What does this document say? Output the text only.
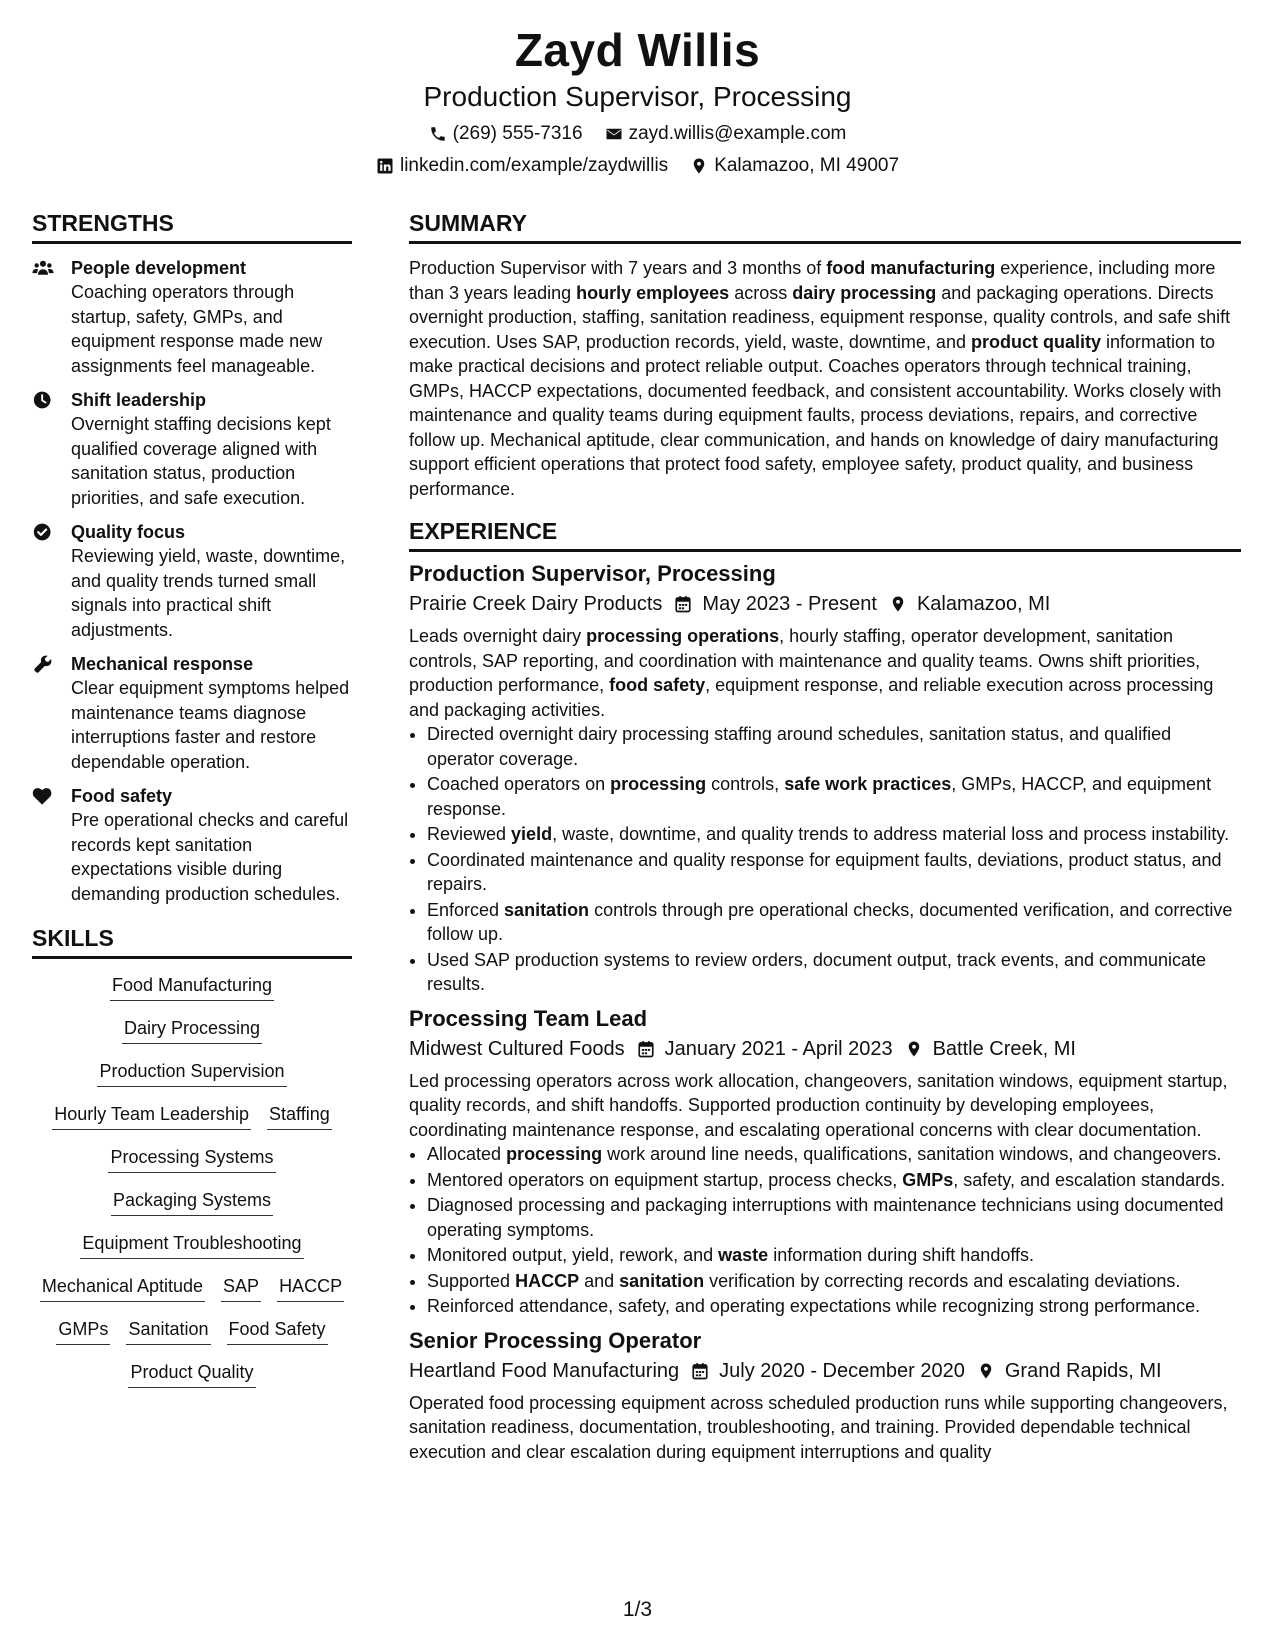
Zayd Willis
Production Supervisor, Processing
(269) 555-7316 zayd.willis@example.com
linkedin.com/example/zaydwillis Kalamazoo, MI 49007
STRENGTHS
People development
Coaching operators through startup, safety, GMPs, and equipment response made new assignments feel manageable.
Shift leadership
Overnight staffing decisions kept qualified coverage aligned with sanitation status, production priorities, and safe execution.
Quality focus
Reviewing yield, waste, downtime, and quality trends turned small signals into practical shift adjustments.
Mechanical response
Clear equipment symptoms helped maintenance teams diagnose interruptions faster and restore dependable operation.
Food safety
Pre operational checks and careful records kept sanitation expectations visible during demanding production schedules.
SKILLS
Food Manufacturing
Dairy Processing
Production Supervision
Hourly Team Leadership Staffing
Processing Systems
Packaging Systems
Equipment Troubleshooting
Mechanical Aptitude SAP HACCP
GMPs Sanitation Food Safety
Product Quality
SUMMARY
Production Supervisor with 7 years and 3 months of food manufacturing experience, including more than 3 years leading hourly employees across dairy processing and packaging operations. Directs overnight production, staffing, sanitation readiness, equipment response, quality controls, and safe shift execution. Uses SAP, production records, yield, waste, downtime, and product quality information to make practical decisions and protect reliable output. Coaches operators through technical training, GMPs, HACCP expectations, documented feedback, and consistent accountability. Works closely with maintenance and quality teams during equipment faults, process deviations, repairs, and corrective follow up. Mechanical aptitude, clear communication, and hands on knowledge of dairy manufacturing support efficient operations that protect food safety, employee safety, product quality, and business performance.
EXPERIENCE
Production Supervisor, Processing
Prairie Creek Dairy Products May 2023 - Present Kalamazoo, MI
Leads overnight dairy processing operations, hourly staffing, operator development, sanitation controls, SAP reporting, and coordination with maintenance and quality teams. Owns shift priorities, production performance, food safety, equipment response, and reliable execution across processing and packaging activities.
• Directed overnight dairy processing staffing around schedules, sanitation status, and qualified operator coverage.
• Coached operators on processing controls, safe work practices, GMPs, HACCP, and equipment response.
• Reviewed yield, waste, downtime, and quality trends to address material loss and process instability.
• Coordinated maintenance and quality response for equipment faults, deviations, product status, and repairs.
• Enforced sanitation controls through pre operational checks, documented verification, and corrective follow up.
• Used SAP production systems to review orders, document output, track events, and communicate results.
Processing Team Lead
Midwest Cultured Foods January 2021 - April 2023 Battle Creek, MI
Led processing operators across work allocation, changeovers, sanitation windows, equipment startup, quality records, and shift handoffs. Supported production continuity by developing employees, coordinating maintenance response, and escalating operational concerns with clear documentation.
• Allocated processing work around line needs, qualifications, sanitation windows, and changeovers.
• Mentored operators on equipment startup, process checks, GMPs, safety, and escalation standards.
• Diagnosed processing and packaging interruptions with maintenance technicians using documented operating symptoms.
• Monitored output, yield, rework, and waste information during shift handoffs.
• Supported HACCP and sanitation verification by correcting records and escalating deviations.
• Reinforced attendance, safety, and operating expectations while recognizing strong performance.
Senior Processing Operator
Heartland Food Manufacturing July 2020 - December 2020 Grand Rapids, MI
Operated food processing equipment across scheduled production runs while supporting changeovers, sanitation readiness, documentation, troubleshooting, and training. Provided dependable technical execution and clear escalation during equipment interruptions and quality
1/3
